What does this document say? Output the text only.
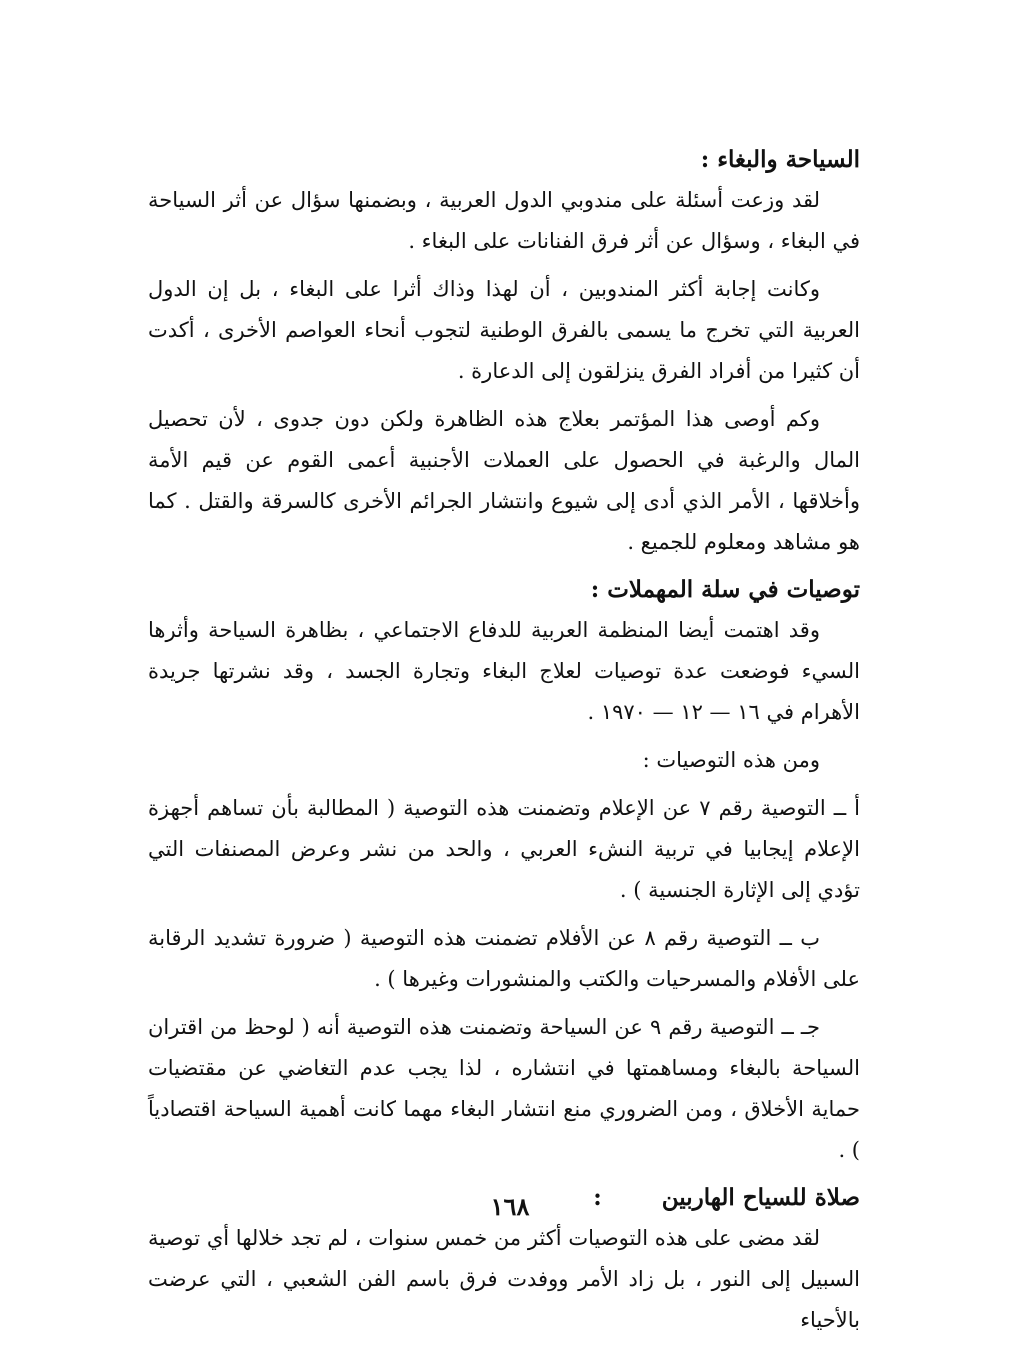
السياحة والبغاء :

لقد وزعت أسئلة على مندوبي الدول العربية ، وبضمنها سؤال عن أثر السياحة في البغاء ، وسؤال عن أثر فرق الفنانات على البغاء .

وكانت إجابة أكثر المندوبين ، أن لهذا وذاك أثرا على البغاء ، بل إن الدول العربية التي تخرج ما يسمى بالفرق الوطنية لتجوب أنحاء العواصم الأخرى ، أكدت أن كثيرا من أفراد الفرق ينزلقون إلى الدعارة .

وكم أوصى هذا المؤتمر بعلاج هذه الظاهرة ولكن دون جدوى ، لأن تحصيل المال والرغبة في الحصول على العملات الأجنبية أعمى القوم عن قيم الأمة وأخلاقها ، الأمر الذي أدى إلى شيوع وانتشار الجرائم الأخرى كالسرقة والقتل . كما هو مشاهد ومعلوم للجميع .

توصيات في سلة المهملات :

وقد اهتمت أيضا المنظمة العربية للدفاع الاجتماعي ، بظاهرة السياحة وأثرها السيء فوضعت عدة توصيات لعلاج البغاء وتجارة الجسد ، وقد نشرتها جريدة الأهرام في ١٦ — ١٢ — ١٩٧٠ .

ومن هذه التوصيات :

أ ــ التوصية رقم ٧ عن الإعلام وتضمنت هذه التوصية ( المطالبة بأن تساهم أجهزة الإعلام إيجابيا في تربية النشء العربي ، والحد من نشر وعرض المصنفات التي تؤدي إلى الإثارة الجنسية ) .

ب ــ التوصية رقم ٨ عن الأفلام تضمنت هذه التوصية ( ضرورة تشديد الرقابة على الأفلام والمسرحيات والكتب والمنشورات وغيرها ) .

جـ ــ التوصية رقم ٩ عن السياحة وتضمنت هذه التوصية أنه ( لوحظ من اقتران السياحة بالبغاء ومساهمتها في انتشاره ، لذا يجب عدم التغاضي عن مقتضيات حماية الأخلاق ، ومن الضروري منع انتشار البغاء مهما كانت أهمية السياحة اقتصادياً ) .

صلاة للسياح الهاربين:

لقد مضى على هذه التوصيات أكثر من خمس سنوات ، لم تجد خلالها أي توصية السبيل إلى النور ، بل زاد الأمر ووفدت فرق باسم الفن الشعبي ، التي عرضت بالأحياء

١٦٨
